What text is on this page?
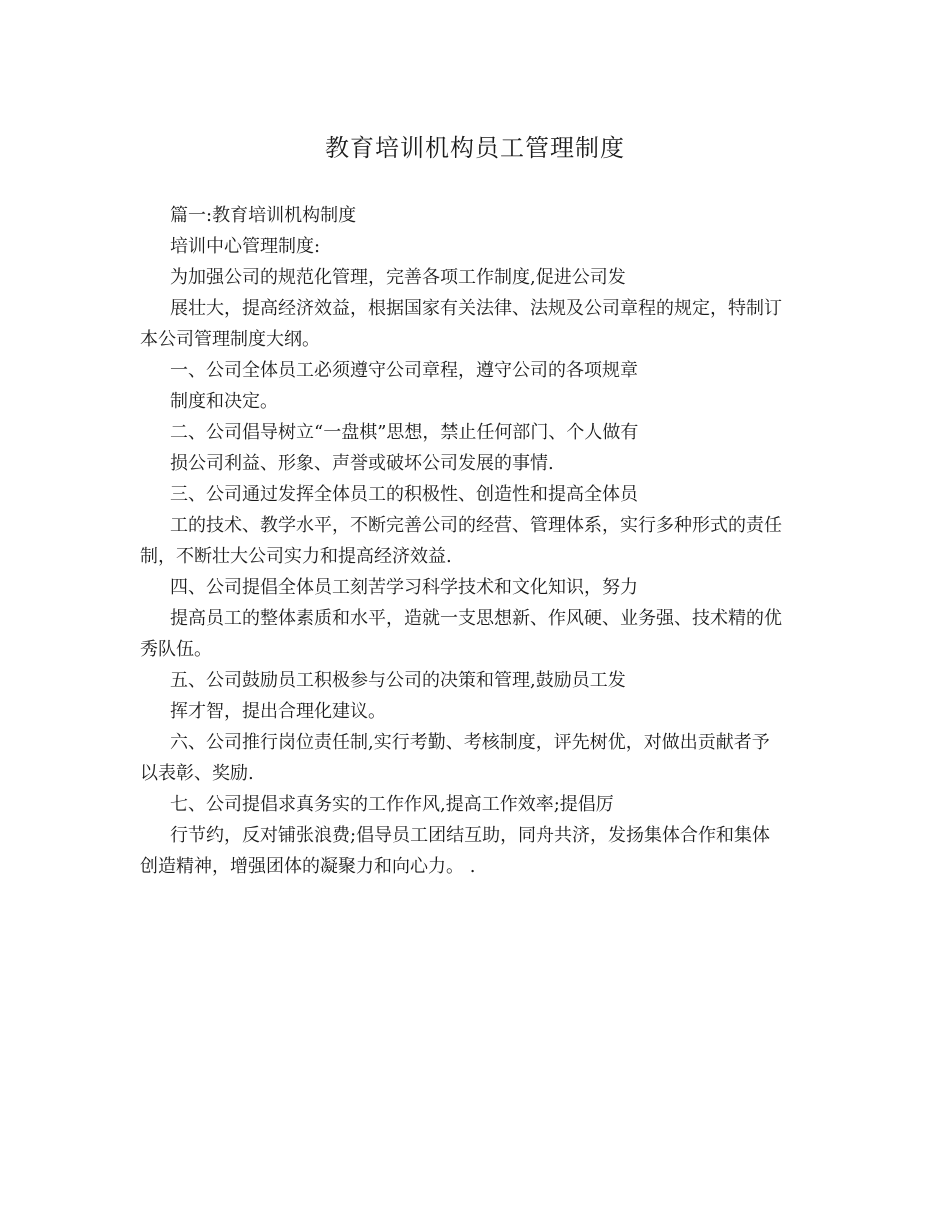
教育培训机构员工管理制度
篇一:教育培训机构制度
培训中心管理制度:
为加强公司的规范化管理，完善各项工作制度,促进公司发
展壮大，提高经济效益，根据国家有关法律、法规及公司章程的规定，特制订
本公司管理制度大纲。
一、公司全体员工必须遵守公司章程，遵守公司的各项规章
制度和决定。
二、公司倡导树立“一盘棋”思想，禁止任何部门、个人做有
损公司利益、形象、声誉或破坏公司发展的事情.
三、公司通过发挥全体员工的积极性、创造性和提高全体员
工的技术、教学水平，不断完善公司的经营、管理体系，实行多种形式的责任
制，不断壮大公司实力和提高经济效益.
四、公司提倡全体员工刻苦学习科学技术和文化知识，努力
提高员工的整体素质和水平，造就一支思想新、作风硬、业务强、技术精的优
秀队伍。
五、公司鼓励员工积极参与公司的决策和管理,鼓励员工发
挥才智，提出合理化建议。
六、公司推行岗位责任制,实行考勤、考核制度，评先树优，对做出贡献者予
以表彰、奖励.
七、公司提倡求真务实的工作作风,提高工作效率;提倡厉
行节约，反对铺张浪费;倡导员工团结互助，同舟共济，发扬集体合作和集体
创造精神，增强团体的凝聚力和向心力。 .
